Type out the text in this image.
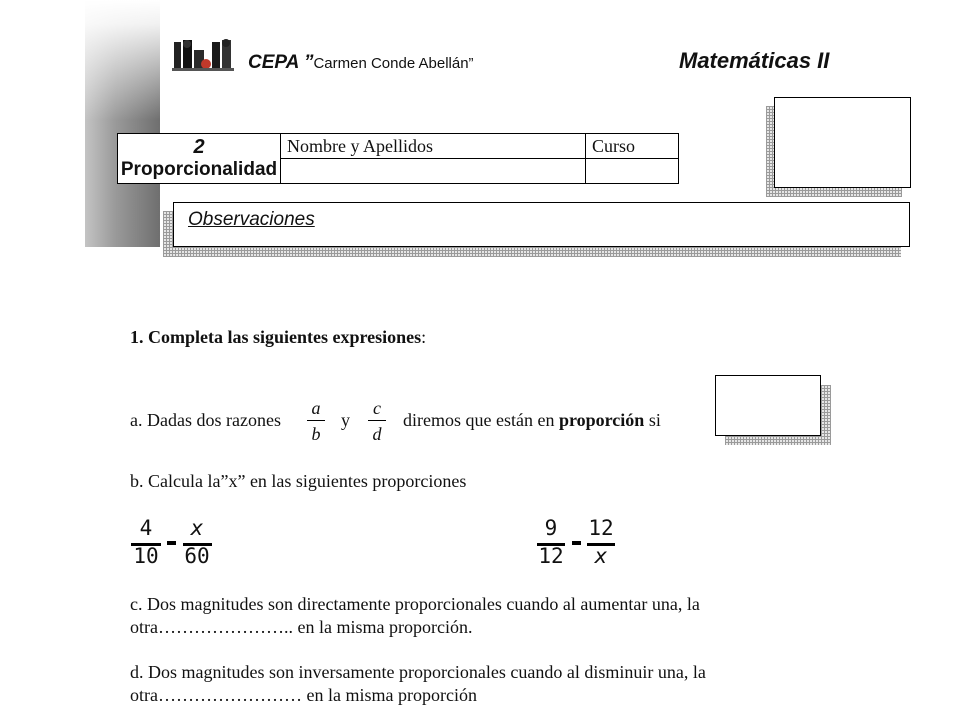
CEPA ”Carmen Conde Abellán”	Matemáticas II
2
Proporcionalidad	Nombre y Apellidos	Curso

Observaciones
1. Completa las siguientes expresiones:
a. Dadas dos razones
a
b
y
c
d
diremos que están en proporción si
b. Calcula la”x” en las siguientes proporciones
4
10
x
60
9
12
12
x
c. Dos magnitudes son directamente proporcionales cuando al aumentar una, la
otra………………….. en la misma proporción.
d. Dos magnitudes son inversamente proporcionales cuando al disminuir una, la
otra…………………… en la misma proporción
